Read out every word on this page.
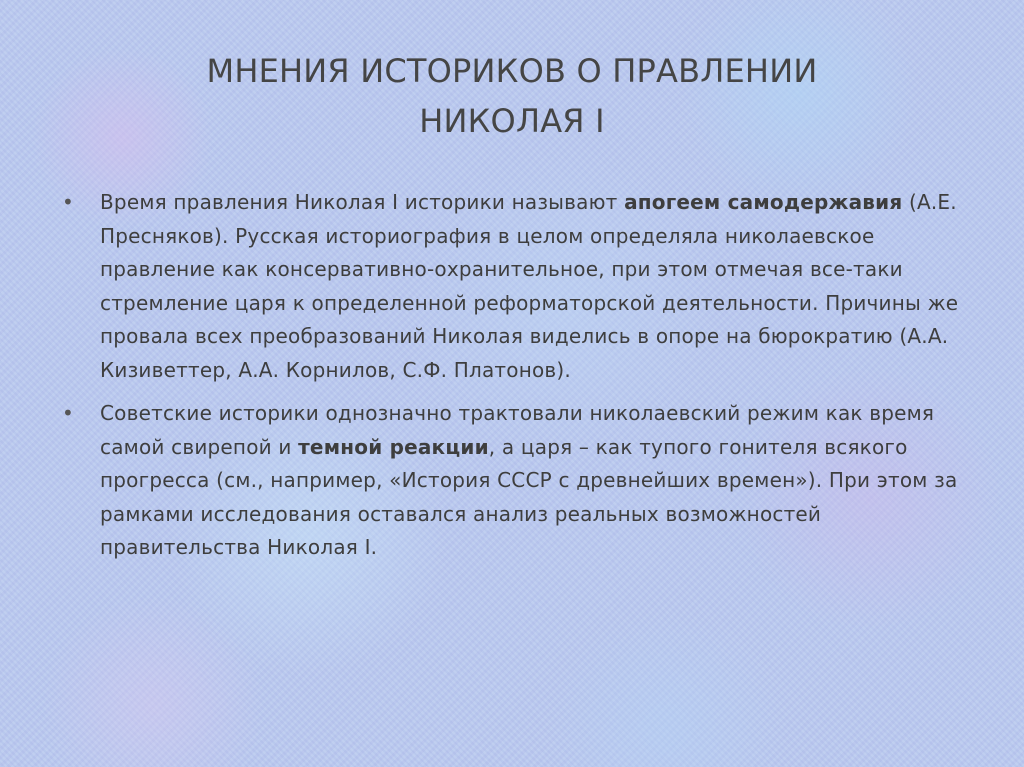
МНЕНИЯ ИСТОРИКОВ О ПРАВЛЕНИИ
НИКОЛАЯ I

• Время правления Николая I историки называют апогеем самодержавия (А.Е. Пресняков). Русская историография в целом определяла николаевское правление как консервативно-охранительное, при этом отмечая все-таки стремление царя к определенной реформаторской деятельности. Причины же провала всех преобразований Николая виделись в опоре на бюрократию (А.А. Кизиветтер, А.А. Корнилов, С.Ф. Платонов).

• Советские историки однозначно трактовали николаевский режим как время самой свирепой и темной реакции, а царя – как тупого гонителя всякого прогресса (см., например, «История СССР с древнейших времен»). При этом за рамками исследования оставался анализ реальных возможностей правительства Николая I.
